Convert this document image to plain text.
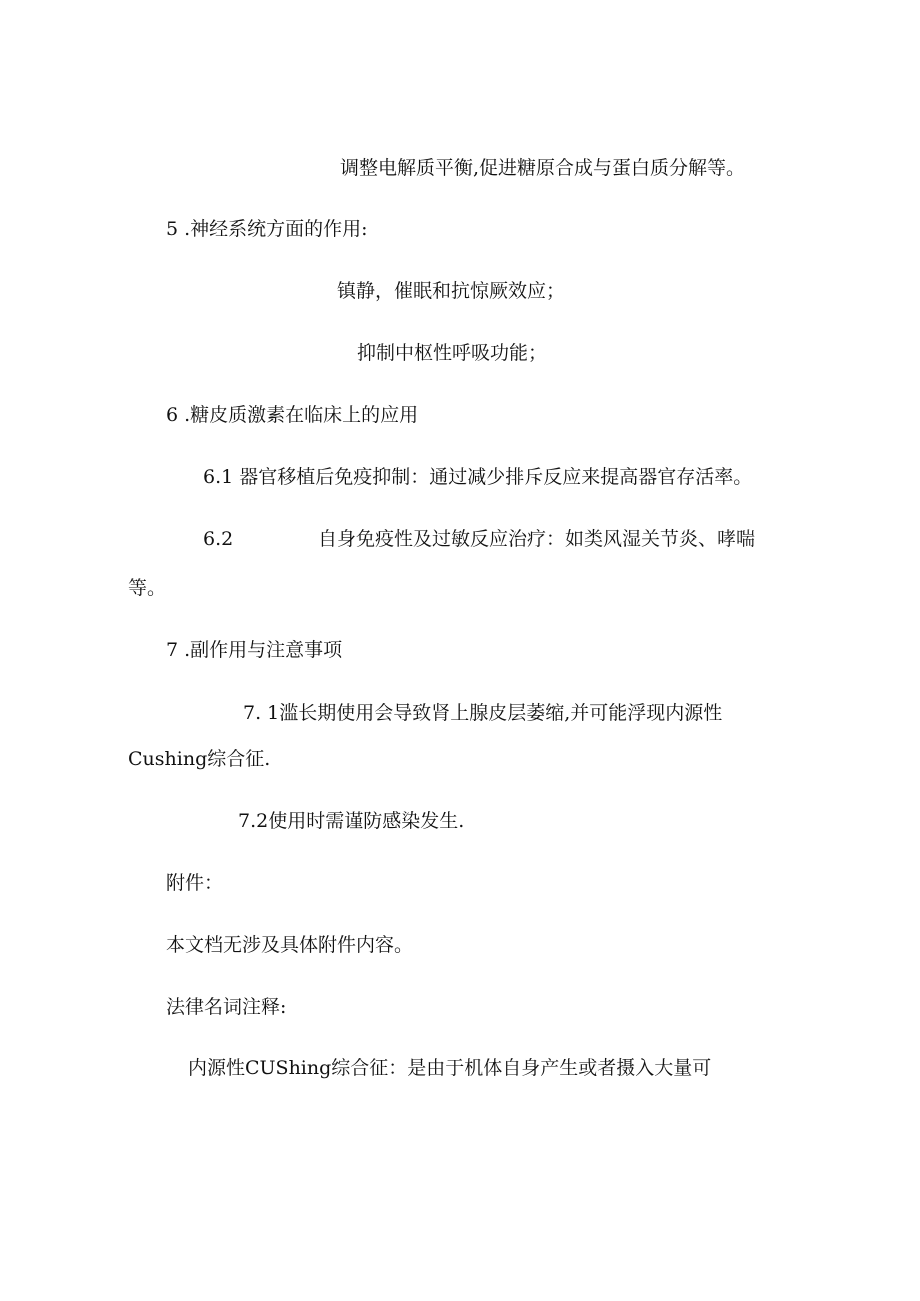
调整电解质平衡,促进糖原合成与蛋白质分解等。
5 .神经系统方面的作用:
镇静，催眠和抗惊厥效应；
抑制中枢性呼吸功能；
6 .糖皮质激素在临床上的应用
6.1 器官移植后免疫抑制：通过减少排斥反应来提高器官存活率。
6.2	自身免疫性及过敏反应治疗：如类风湿关节炎、哮喘
等。
7 .副作用与注意事项
7. 1滥长期使用会导致肾上腺皮层萎缩,并可能浮现内源性
Cushing综合征.
7.2使用时需谨防感染发生.
附件：
本文档无涉及具体附件内容。
法律名词注释:
内源性CUShing综合征：是由于机体自身产生或者摄入大量可
